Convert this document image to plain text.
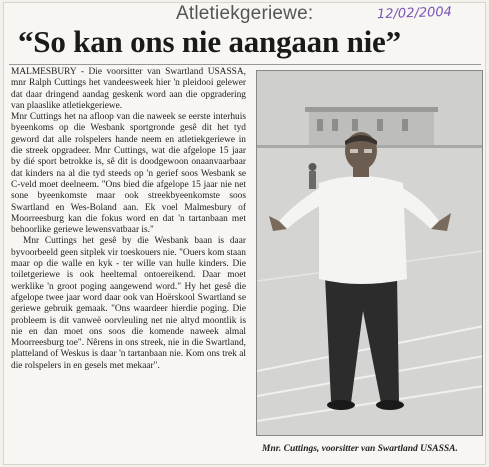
Atletiekgeriewe:	12/02/2004
“So kan ons nie aangaan nie”

MALMESBURY - Die voorsitter van Swartland USASSA, mnr Ralph Cuttings het vandeesweek hier 'n pleidooi gelewer dat daar dringend aandag geskenk word aan die opgradering van plaaslike atletiekgeriewe.

Mnr Cuttings het na afloop van die naweek se eerste interhuis byeenkoms op die Wesbank sportgronde gesê dit het tyd geword dat alle rolspelers hande neem en atletiekgeriewe in die streek opgradeer. Mnr Cuttings, wat die afgelope 15 jaar by dié sport betrokke is, sê dit is doodgewoon onaanvaarbaar dat kinders na al die tyd steeds op 'n gerief soos Wesbank se C-veld moet deelneem. "Ons bied die afgelope 15 jaar nie net sone byeenkomste maar ook streekbyeenkomste soos Swartland en Wes-Boland aan. Ek voel Malmesbury of Moorreesburg kan die fokus word en dat 'n tartanbaan met behoorlike geriewe lewensvatbaar is."

Mnr Cuttings het gesê by die Wesbank baan is daar byvoorbeeld geen sitplek vir toeskouers nie. "Ouers kom staan maar op die walle en kyk - ter wille van hulle kinders. Die toiletgeriewe is ook heeltemal ontoereikend. Daar moet werklike 'n groot poging aangewend word." Hy het gesê die afgelope twee jaar word daar ook van Hoërskool Swartland se geriewe gebruik gemaak. "Ons waardeer hierdie poging. Die probleem is dit vanweë oorvleuling net nie altyd moontlik is nie en dan moet ons soos die komende naweek almal Moorreesburg toe". Nêrens in ons streek, nie in die Swartland, platteland of Weskus is daar 'n tartanbaan nie. Kom ons trek al die rolspelers in en gesels met mekaar".

Mnr. Cuttings, voorsitter van Swartland USASSA.
